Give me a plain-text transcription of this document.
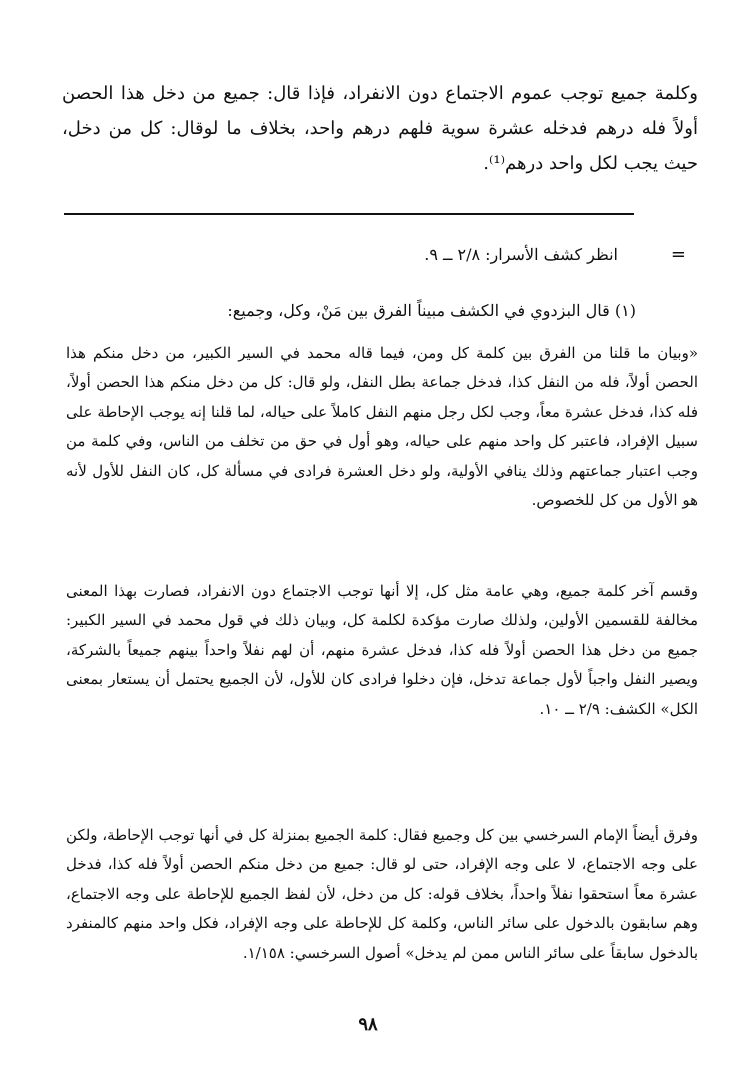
وكلمة جميع توجب عموم الاجتماع دون الانفراد، فإذا قال: جميع من دخل هذا الحصن أولاً فله درهم فدخله عشرة سوية فلهم درهم واحد، بخلاف ما لوقال: كل من دخل، حيث يجب لكل واحد درهم⁽¹⁾.

=
انظر كشف الأسرار: ٢/٨ ــ ٩.
(١) قال البزدوي في الكشف مبيناً الفرق بين مَنْ، وكل، وجميع:

«وبيان ما قلنا من الفرق بين كلمة كل ومن، فيما قاله محمد في السير الكبير، من دخل منكم هذا الحصن أولاً، فله من النفل كذا، فدخل جماعة بطل النفل، ولو قال: كل من دخل منكم هذا الحصن أولاً، فله كذا، فدخل عشرة معاً، وجب لكل رجل منهم النفل كاملاً على حياله، لما قلنا إنه يوجب الإحاطة على سبيل الإفراد، فاعتبر كل واحد منهم على حياله، وهو أول في حق من تخلف من الناس، وفي كلمة من وجب اعتبار جماعتهم وذلك ينافي الأولية، ولو دخل العشرة فرادى في مسألة كل، كان النفل للأول لأنه هو الأول من كل للخصوص.

وقسم آخر كلمة جميع، وهي عامة مثل كل، إلا أنها توجب الاجتماع دون الانفراد، فصارت بهذا المعنى مخالفة للقسمين الأولين، ولذلك صارت مؤكدة لكلمة كل، وبيان ذلك في قول محمد في السير الكبير: جميع من دخل هذا الحصن أولاً فله كذا، فدخل عشرة منهم، أن لهم نفلاً واحداً بينهم جميعاً بالشركة، ويصير النفل واجباً لأول جماعة تدخل، فإن دخلوا فرادى كان للأول، لأن الجميع يحتمل أن يستعار بمعنى الكل» الكشف: ٢/٩ ــ ١٠.

وفرق أيضاً الإمام السرخسي بين كل وجميع فقال: كلمة الجميع بمنزلة كل في أنها توجب الإحاطة، ولكن على وجه الاجتماع، لا على وجه الإفراد، حتى لو قال: جميع من دخل منكم الحصن أولاً فله كذا، فدخل عشرة معاً استحقوا نفلاً واحداً، بخلاف قوله: كل من دخل، لأن لفظ الجميع للإحاطة على وجه الاجتماع، وهم سابقون بالدخول على سائر الناس، وكلمة كل للإحاطة على وجه الإفراد، فكل واحد منهم كالمنفرد بالدخول سابقاً على سائر الناس ممن لم يدخل» أصول السرخسي: ١/١٥٨.

٩٨
